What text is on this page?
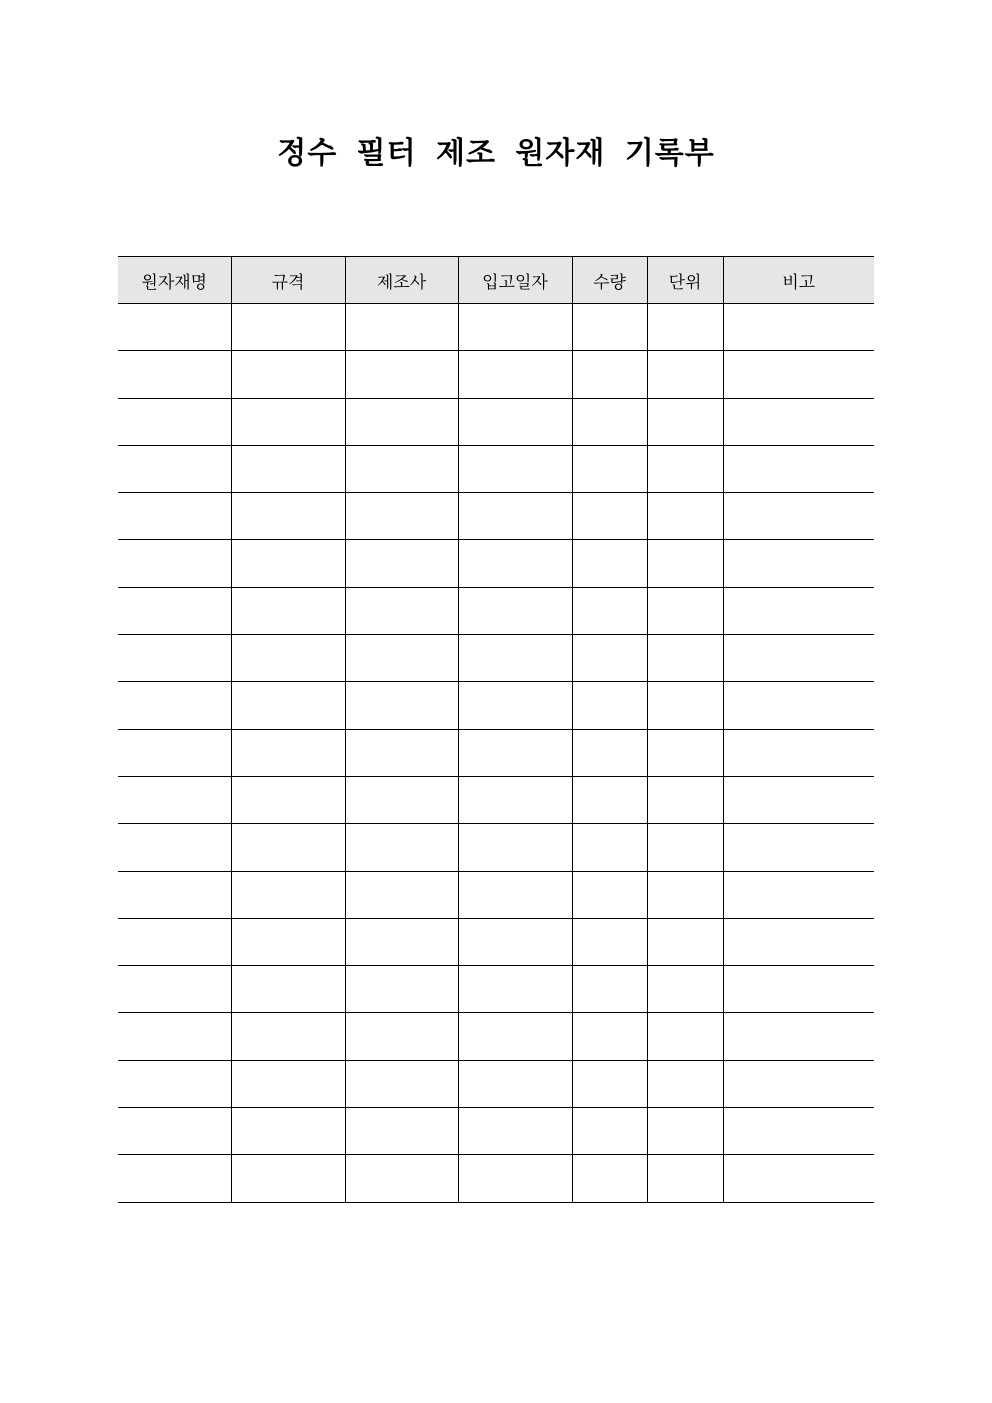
정수 필터 제조 원자재 기록부
원자재명	규격	제조사	입고일자	수량	단위	비고
